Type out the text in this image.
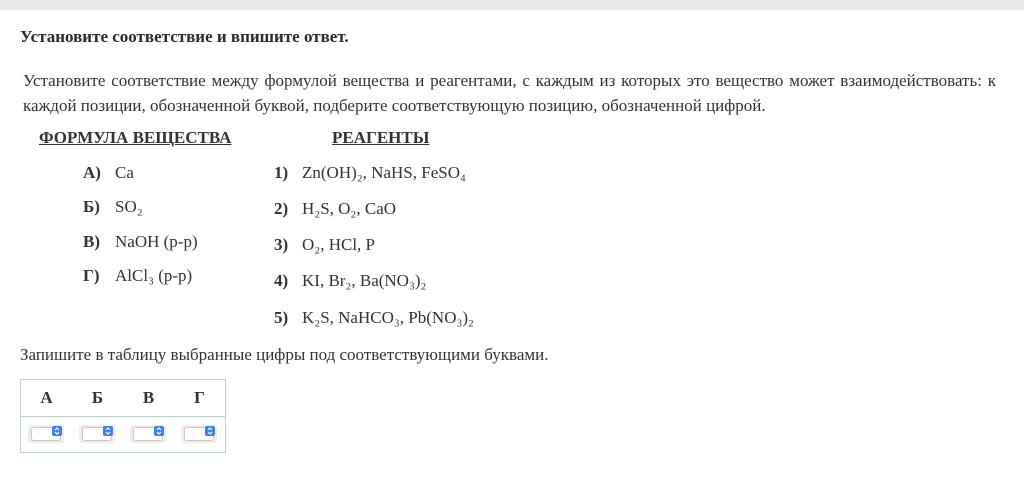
Установите соответствие и впишите ответ.
Установите соответствие между формулой вещества и реагентами, с каждым из которых это вещество может взаимодействовать: к каждой позиции, обозначенной буквой, подберите соответствующую позицию, обозначенной цифрой.
ФОРМУЛА ВЕЩЕСТВА	РЕАГЕНТЫ
А) Ca
Б) SO₂
В) NaOH (р-р)
Г) AlCl₃ (р-р)
1) Zn(OH)₂, NaHS, FeSO₄
2) H₂S, O₂, CaO
3) O₂, HCl, P
4) KI, Br₂, Ba(NO₃)₂
5) K₂S, NaHCO₃, Pb(NO₃)₂
Запишите в таблицу выбранные цифры под соответствующими буквами.
А	Б	В	Г
